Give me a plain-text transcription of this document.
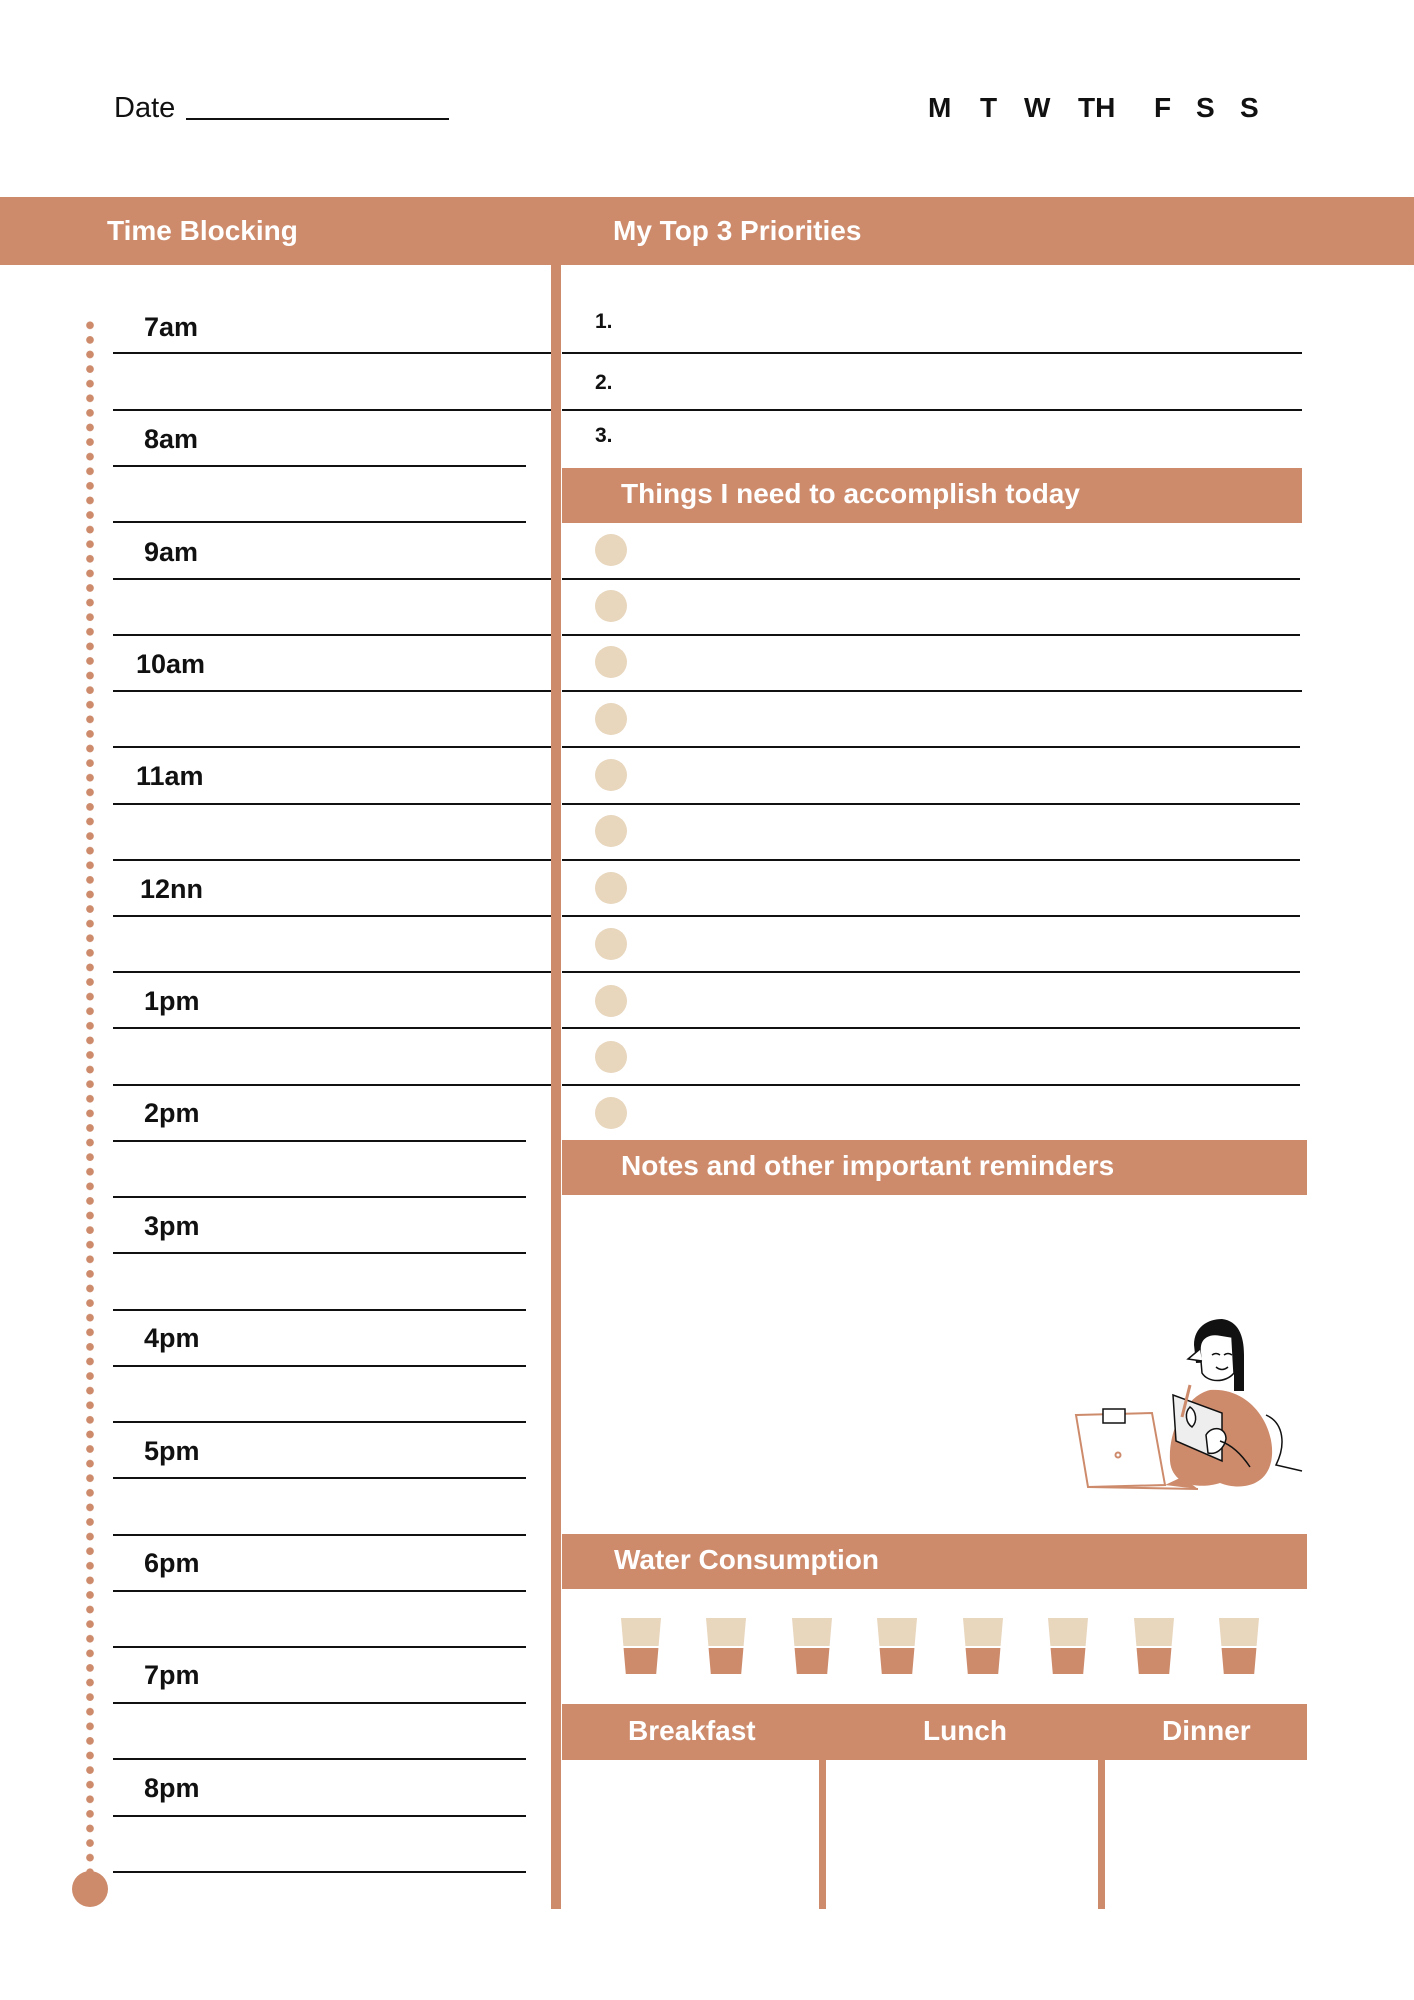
Date	M T W TH F S S
Time Blocking	My Top 3 Priorities
7am
8am
9am
10am
11am
12nn
1pm
2pm
3pm
4pm
5pm
6pm
7pm
8pm
1.
2.
3.
Things I need to accomplish today
Notes and other important reminders
Water Consumption
Breakfast	Lunch	Dinner
